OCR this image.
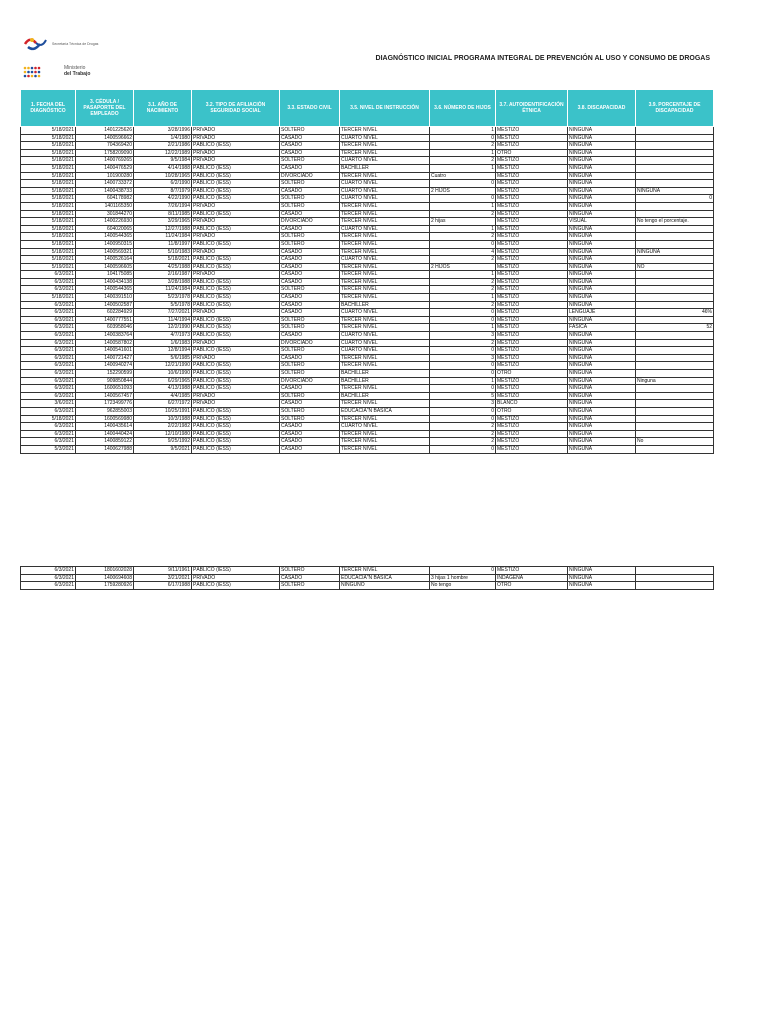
Secretaría Técnica de Drogas
Ministerio
del Trabajo
DIAGNÓSTICO INICIAL PROGRAMA INTEGRAL DE PREVENCIÓN AL USO Y CONSUMO DE DROGAS
1. FECHA DEL DIAGNÓSTICO	3. CÉDULA / PASAPORTE DEL EMPLEADO	3.1. AÑO DE NACIMIENTO	3.2. TIPO DE AFILIACIÓN SEGURIDAD SOCIAL	3.3. ESTADO CIVIL	3.5. NIVEL DE INSTRUCCIÓN	3.6. NÚMERO DE HIJOS	3.7. AUTOIDENTIFICACIÓN ÉTNICA	3.8. DISCAPACIDAD	3.9. PORCENTAJE DE DISCAPACIDAD
5/18/2021	1401225626	3/28/1996	PRIVADO	SOLTERO	TERCER NIVEL	1	MESTIZO	NINGUNA	
5/18/2021	1400596662	1/4/1980	PRIVADO	CASADO	CUARTO NIVEL	0	MESTIZO	NINGUNA	
5/18/2021	704369420	2/21/1986	PÃBLICO (IESS)	CASADO	TERCER NIVEL	2	MESTIZO	NINGUNA	
5/18/2021	1758209090	12/22/1989	PRIVADO	CASADO	TERCER NIVEL	1	OTRO	NINGUNA	
5/18/2021	1400769265	9/5/1984	PRIVADO	SOLTERO	CUARTO NIVEL	2	MESTIZO	NINGUNA	
5/18/2021	1400476529	4/14/1988	PÃBLICO (IESS)	CASADO	BACHILLER	1	MESTIZO	NINGUNA	
5/18/2021	101900280	10/28/1965	PÃBLICO (IESS)	DIVORCIADO	TERCER NIVEL	Cuatro	MESTIZO	NINGUNA	
5/18/2021	1400733372	6/2/1990	PÃBLICO (IESS)	SOLTERO	CUARTO NIVEL	0	MESTIZO	NINGUNA	
5/18/2021	1400438733	8/7/1979	PÃBLICO (IESS)	CASADO	CUARTO NIVEL	2 HIJOS	MESTIZO	NINGUNA	NINGUNA
5/18/2021	604178982	4/22/1990	PÃBLICO (IESS)	SOLTERO	CUARTO NIVEL	0	MESTIZO	NINGUNA	0
5/18/2021	1401165350	7/26/1994	PRIVADO	SOLTERO	TERCER NIVEL	1	MESTIZO	NINGUNA	
5/18/2021	301844270	8/11/1985	PÃBLICO (IESS)	CASADO	TERCER NIVEL	2	MESTIZO	NINGUNA	
5/18/2021	1400226930	3/29/1965	PRIVADO	DIVORCIADO	TERCER NIVEL	2 hijas	MESTIZO	VISUAL	No tengo el porcentaje.
5/18/2021	604020065	12/27/1988	PÃBLICO (IESS)	CASADO	CUARTO NIVEL	1	MESTIZO	NINGUNA	
5/18/2021	1400544365	11/24/1984	PRIVADO	SOLTERO	TERCER NIVEL	2	MESTIZO	NINGUNA	
5/18/2021	1400950315	11/8/1997	PÃBLICO (IESS)	SOLTERO	TERCER NIVEL	0	MESTIZO	NINGUNA	
5/18/2021	1400569321	5/10/1983	PRIVADO	CASADO	TERCER NIVEL	4	MESTIZO	NINGUNA	NINGUNA
5/18/2021	1400526164	5/18/2021	PÃBLICO (IESS)	CASADO	CUARTO NIVEL	2	MESTIZO	NINGUNA	
5/19/2021	1400596605	4/25/1988	PÃBLICO (IESS)	CASADO	TERCER NIVEL	2 HIJOS	MESTIZO	NINGUNA	NO
6/3/2021	104175085	2/16/1987	PRIVADO	CASADO	TERCER NIVEL	1	MESTIZO	NINGUNA	
6/3/2021	1400434138	3/28/1988	PÃBLICO (IESS)	CASADO	TERCER NIVEL	2	MESTIZO	NINGUNA	
6/3/2021	1400544365	11/24/1984	PÃBLICO (IESS)	SOLTERO	TERCER NIVEL	2	MESTIZO	NINGUNA	
5/18/2021	1400391510	5/23/1978	PÃBLICO (IESS)	CASADO	TERCER NIVEL	1	MESTIZO	NINGUNA	
6/3/2021	1400502587	5/5/1978	PÃBLICO (IESS)	CASADO	BACHILLER	2	MESTIZO	NINGUNA	
6/3/2021	602284929	7/27/2021	PRIVADO	CASADO	CUARTO NIVEL	0	MESTIZO	LENGUAJE	46%
6/3/2021	1400777551	11/4/1994	PÃBLICO (IESS)	SOLTERO	TERCER NIVEL	0	MESTIZO	NINGUNA	
6/3/2021	603958046	12/2/1990	PÃBLICO (IESS)	SOLTERO	TERCER NIVEL	1	MESTIZO	FÃSICA	52
6/3/2021	1400383764	4/7/1973	PÃBLICO (IESS)	CASADO	CUARTO NIVEL	3	MESTIZO	NINGUNA	
6/3/2021	1400587802	1/6/1983	PRIVADO	DIVORCIADO	CUARTO NIVEL	2	MESTIZO	NINGUNA	
6/3/2021	1400541601	12/8/1994	PÃBLICO (IESS)	SOLTERO	CUARTO NIVEL	0	MESTIZO	NINGUNA	
6/3/2021	1400721427	5/6/1985	PRIVADO	CASADO	TERCER NIVEL	3	MESTIZO	NINGUNA	
6/3/2021	1400940274	12/21/1990	PÃBLICO (IESS)	SOLTERO	TERCER NIVEL	0	MESTIZO	NINGUNA	
6/3/2021	152290599	10/6/1990	PÃBLICO (IESS)	SOLTERO	BACHILLER	0	OTRO	NINGUNA	
6/3/2021	909850844	6/29/1965	PÃBLICO (IESS)	DIVORCIADO	BACHILLER	1	MESTIZO	NINGUNA	Ninguna
6/3/2021	1600651093	4/13/1988	PÃBLICO (IESS)	CASADO	TERCER NIVEL	0	MESTIZO	NINGUNA	
6/3/2021	1400567457	4/4/1985	PRIVADO	SOLTERO	BACHILLER	5	MESTIZO	NINGUNA	
3/6/2021	1723499776	6/27/1972	PRIVADO	CASADO	TERCER NIVEL	3	BLANCO	NINGUNA	
6/3/2021	962855003	10/25/1991	PÃBLICO (IESS)	SOLTERO	EDUCACIÃ“N BÃSICA	0	OTRO	NINGUNA	
5/18/2021	1600569980	10/3/1988	PÃBLICO (IESS)	SOLTERO	TERCER NIVEL	0	MESTIZO	NINGUNA	
6/3/2021	1400435614	2/22/1982	PÃBLICO (IESS)	CASADO	CUARTO NIVEL	2	MESTIZO	NINGUNA	
6/3/2021	1400440424	12/10/1980	PÃBLICO (IESS)	CASADO	TERCER NIVEL	2	MESTIZO	NINGUNA	
6/3/2021	1400859122	9/25/1992	PÃBLICO (IESS)	CASADO	TERCER NIVEL	2	MESTIZO	NINGUNA	No
5/3/2021	1400627988	9/5/2021	PÃBLICO (IESS)	CASADO	TERCER NIVEL	0	MESTIZO	NINGUNA	
6/3/2021	1801602028	9/11/1961	PÃBLICO (IESS)	SOLTERO	TERCER NIVEL	0	MESTIZO	NINGUNA	
6/3/2021	1400694608	3/21/2021	PRIVADO	CASADO	EDUCACIÃ“N BÃSICA	3 hijas 1 hombre	INDÃGENA	NINGUNA	
6/3/2021	1759280926	6/17/1988	PÃBLICO (IESS)	SOLTERO	NINGUNO	No tengo	OTRO	NINGUNA	
